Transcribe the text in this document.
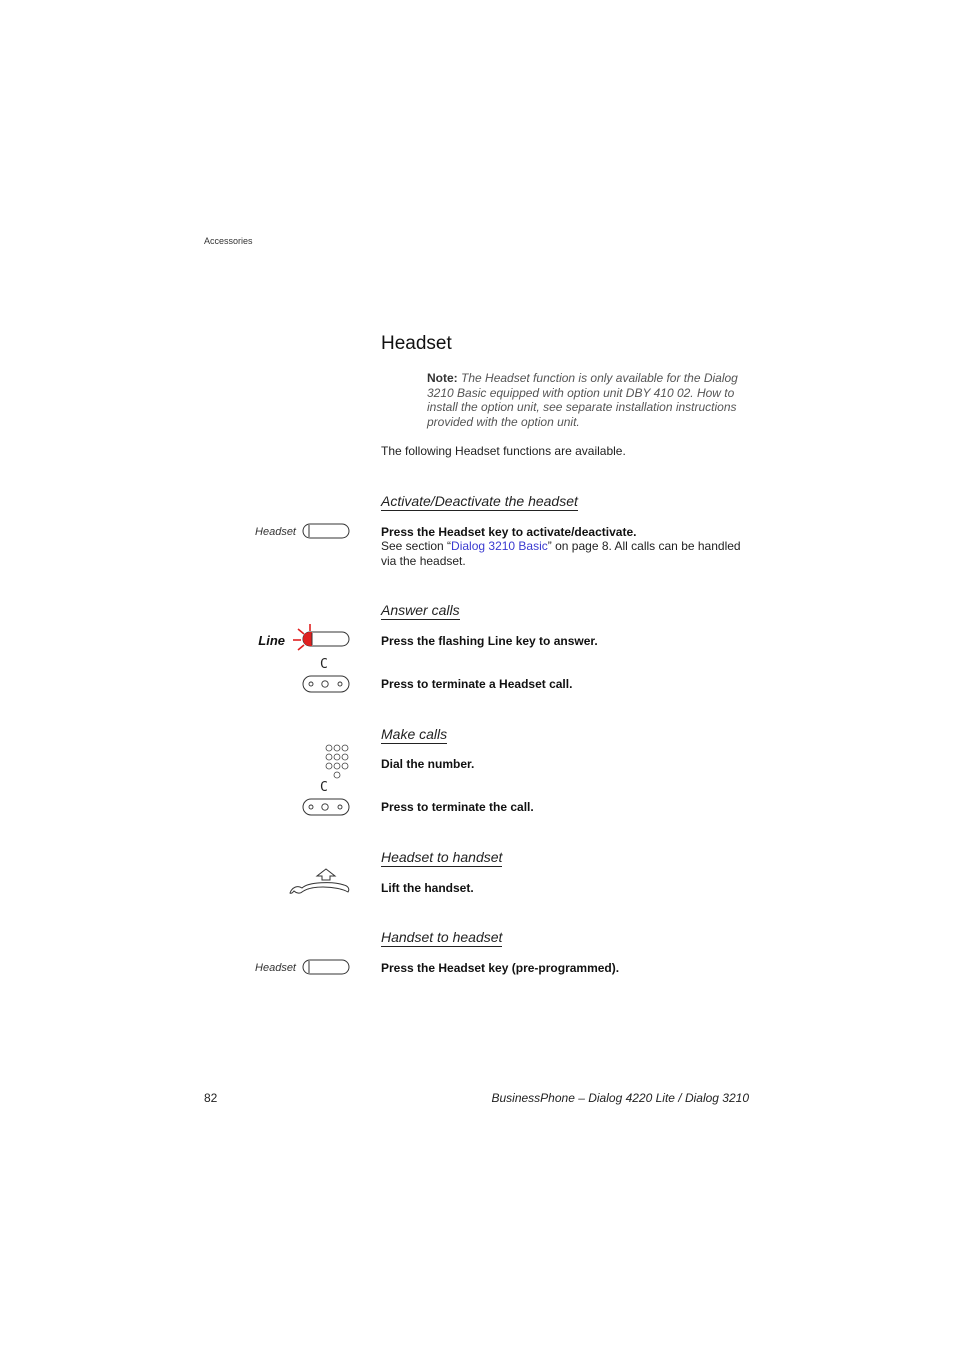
Accessories
Headset
Note: The Headset function is only available for the Dialog 3210 Basic equipped with option unit DBY 410 02. How to install the option unit, see separate installation instructions provided with the option unit.
The following Headset functions are available.
Activate/Deactivate the headset
Headset	Press the Headset key to activate/deactivate.
See section “Dialog 3210 Basic” on page 8. All calls can be handled via the headset.
Answer calls
Line	Press the flashing Line key to answer.
C
Press to terminate a Headset call.
Make calls
Dial the number.
C
Press to terminate the call.
Headset to handset
Lift the handset.
Handset to headset
Headset	Press the Headset key (pre-programmed).
82	BusinessPhone – Dialog 4220 Lite / Dialog 3210
